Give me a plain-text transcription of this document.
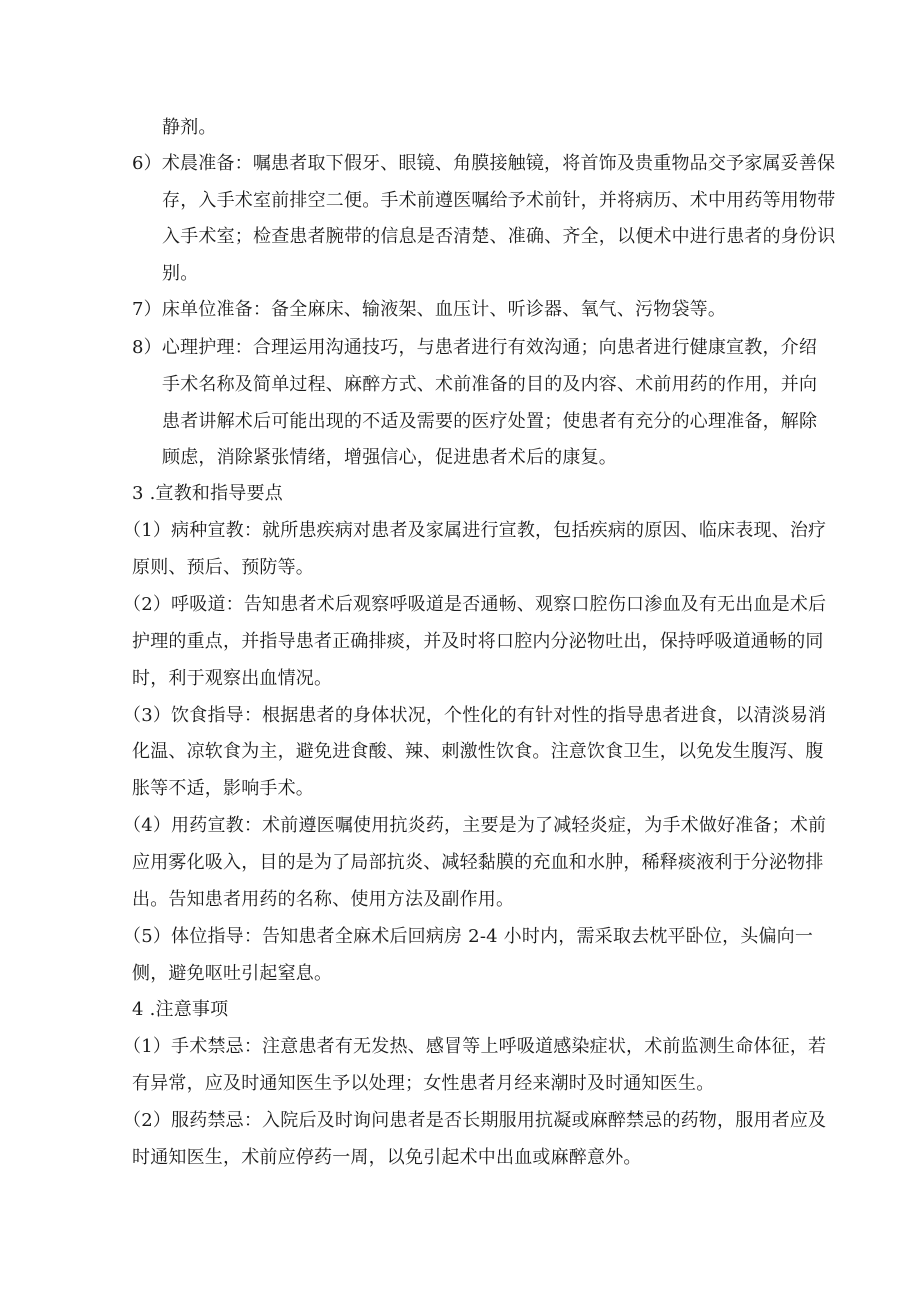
静剂。
6）术晨准备：嘱患者取下假牙、眼镜、角膜接触镜，将首饰及贵重物品交予家属妥善保
存，入手术室前排空二便。手术前遵医嘱给予术前针，并将病历、术中用药等用物带
入手术室；检查患者腕带的信息是否清楚、准确、齐全，以便术中进行患者的身份识
别。
7）床单位准备：备全麻床、输液架、血压计、听诊器、氧气、污物袋等。
8）心理护理：合理运用沟通技巧，与患者进行有效沟通；向患者进行健康宣教，介绍
手术名称及简单过程、麻醉方式、术前准备的目的及内容、术前用药的作用，并向
患者讲解术后可能出现的不适及需要的医疗处置；使患者有充分的心理准备，解除
顾虑，消除紧张情绪，增强信心，促进患者术后的康复。
3 .宣教和指导要点
（1）病种宣教：就所患疾病对患者及家属进行宣教，包括疾病的原因、临床表现、治疗
原则、预后、预防等。
（2）呼吸道：告知患者术后观察呼吸道是否通畅、观察口腔伤口渗血及有无出血是术后
护理的重点，并指导患者正确排痰，并及时将口腔内分泌物吐出，保持呼吸道通畅的同
时，利于观察出血情况。
（3）饮食指导：根据患者的身体状况，个性化的有针对性的指导患者进食，以清淡易消
化温、凉软食为主，避免进食酸、辣、刺激性饮食。注意饮食卫生，以免发生腹泻、腹
胀等不适，影响手术。
（4）用药宣教：术前遵医嘱使用抗炎药，主要是为了减轻炎症，为手术做好准备；术前
应用雾化吸入，目的是为了局部抗炎、减轻黏膜的充血和水肿，稀释痰液利于分泌物排
出。告知患者用药的名称、使用方法及副作用。
（5）体位指导：告知患者全麻术后回病房 2-4 小时内，需采取去枕平卧位，头偏向一
侧，避免呕吐引起窒息。
4 .注意事项
（1）手术禁忌：注意患者有无发热、感冒等上呼吸道感染症状，术前监测生命体征，若
有异常，应及时通知医生予以处理；女性患者月经来潮时及时通知医生。
（2）服药禁忌：入院后及时询问患者是否长期服用抗凝或麻醉禁忌的药物，服用者应及
时通知医生，术前应停药一周，以免引起术中出血或麻醉意外。
